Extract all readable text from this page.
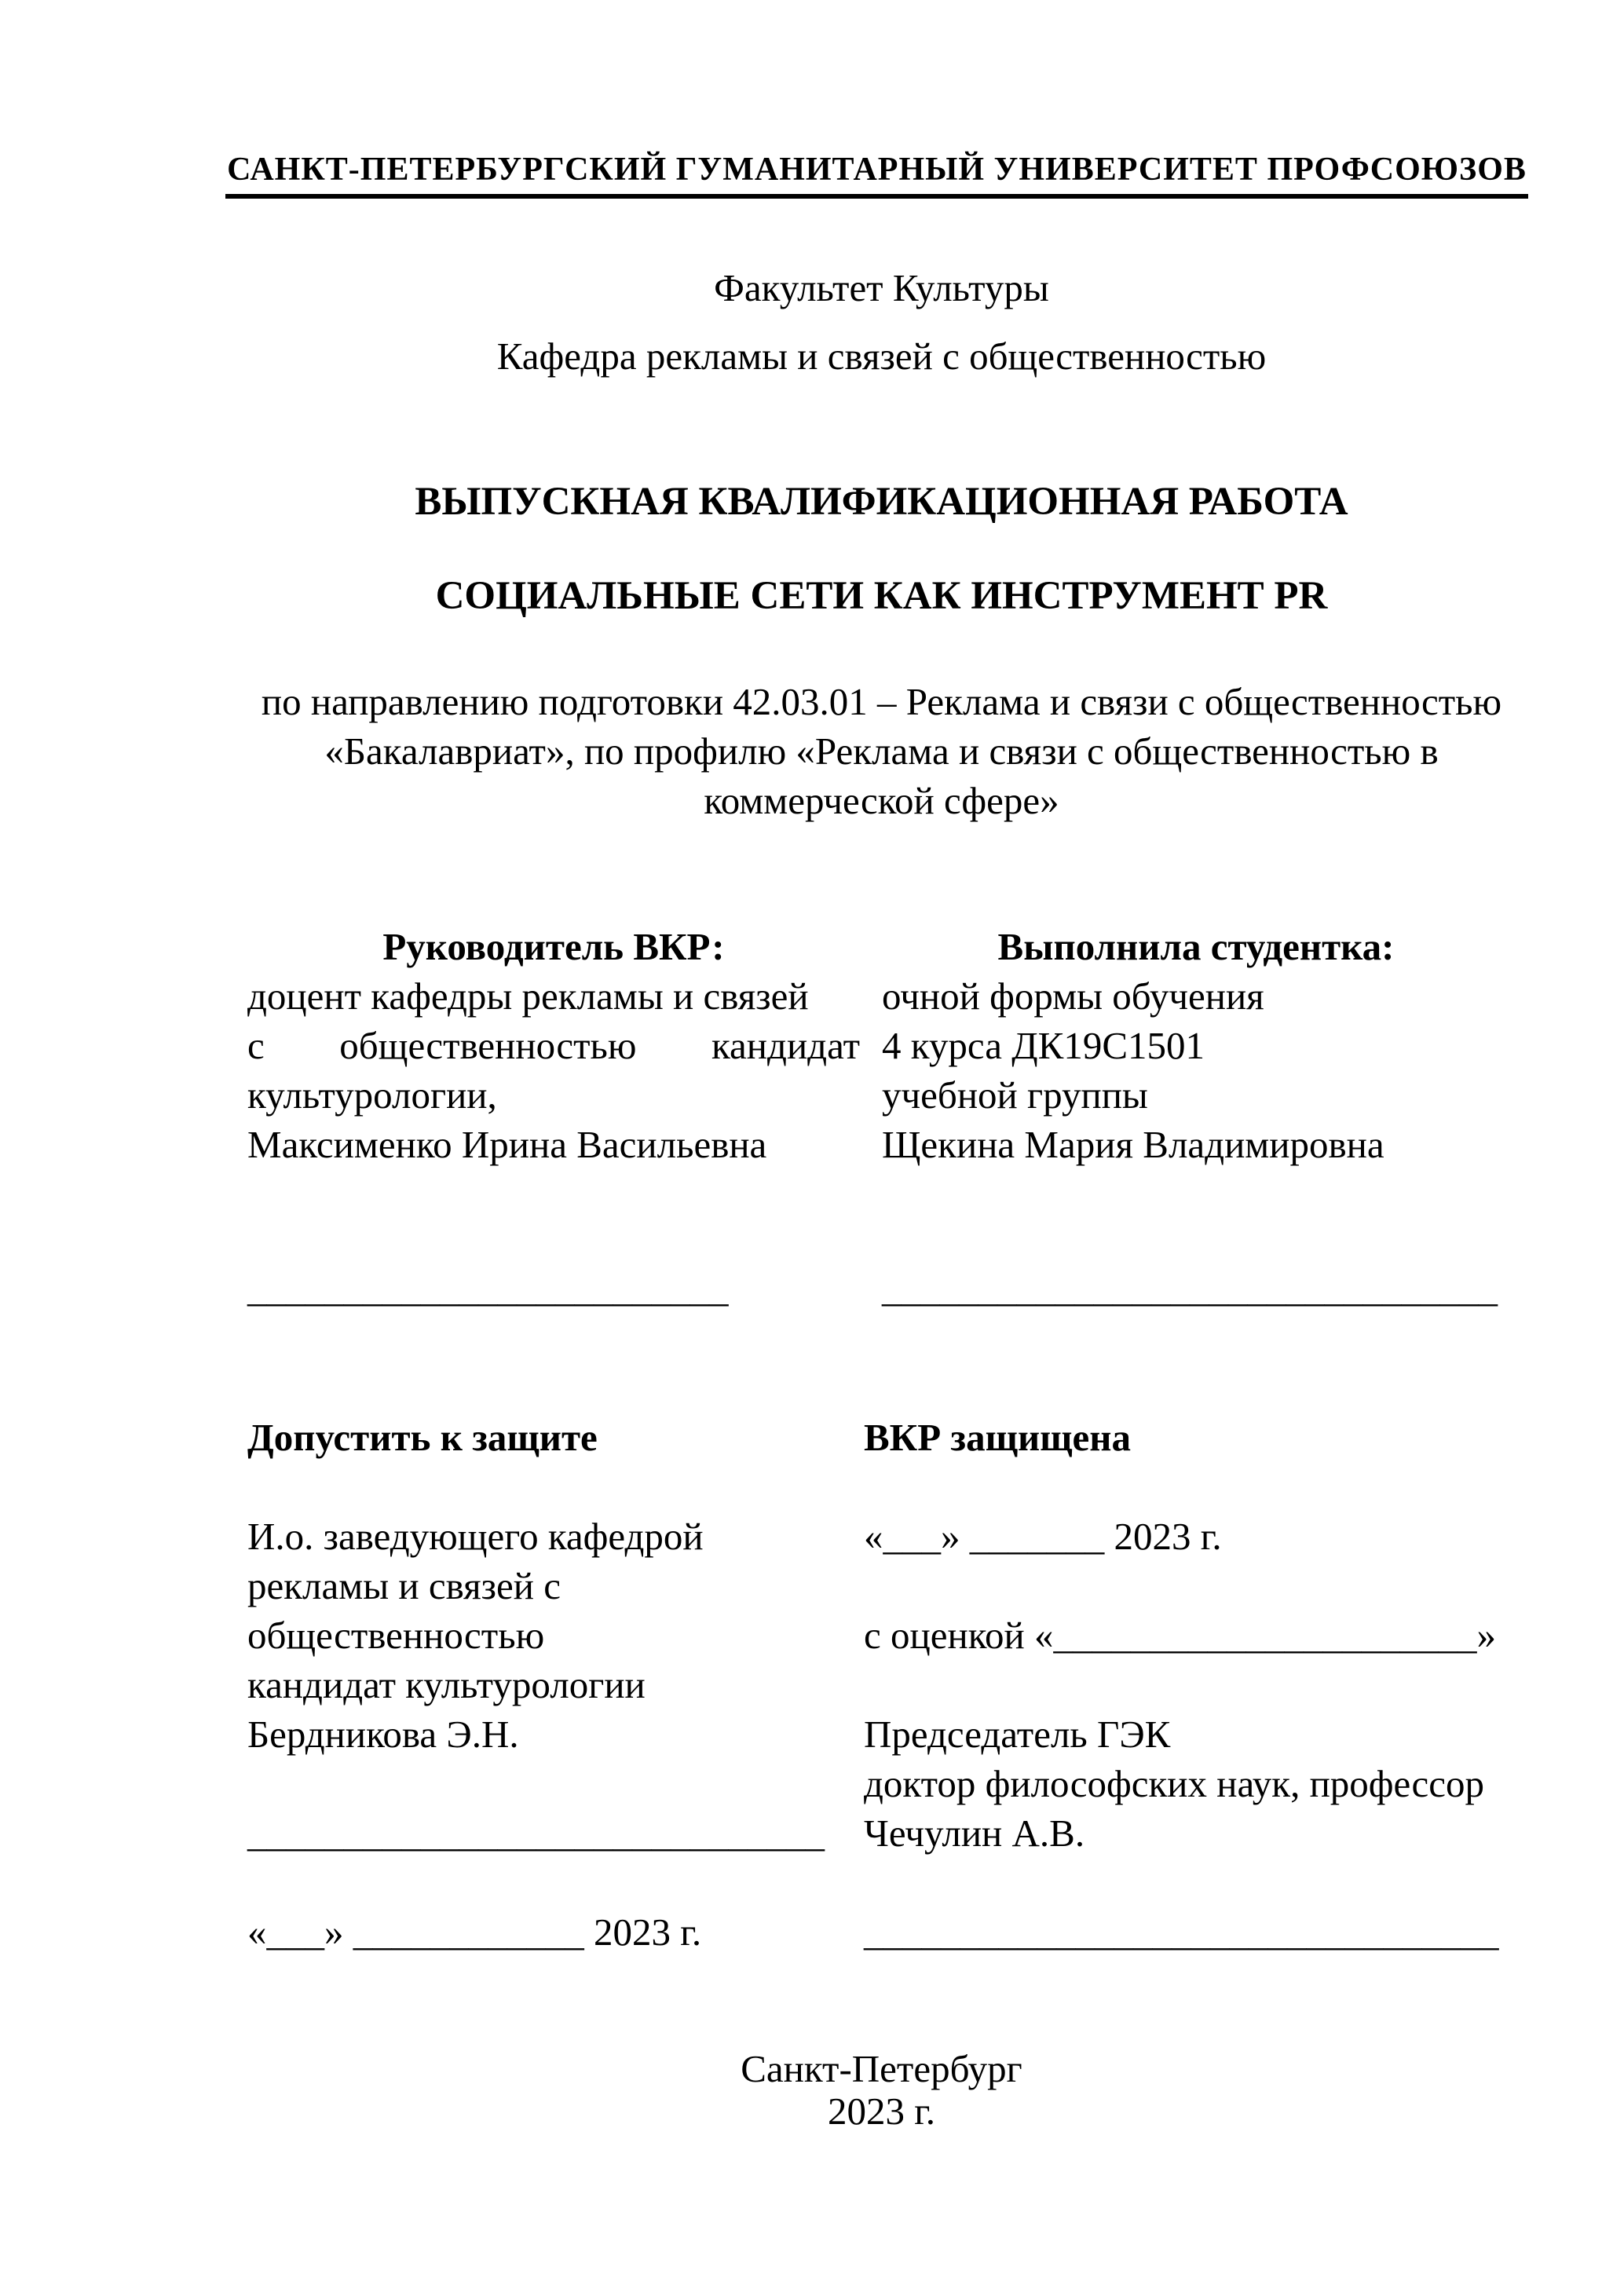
САНКТ-ПЕТЕРБУРГСКИЙ ГУМАНИТАРНЫЙ УНИВЕРСИТЕТ ПРОФСОЮЗОВ
Факультет Культуры
Кафедра рекламы и связей с общественностью
ВЫПУСКНАЯ КВАЛИФИКАЦИОННАЯ РАБОТА
СОЦИАЛЬНЫЕ СЕТИ КАК ИНСТРУМЕНТ PR
по направлению подготовки 42.03.01 – Реклама и связи с общественностью
«Бакалавриат», по профилю «Реклама и связи с общественностью в
коммерческой сфере»
Руководитель ВКР:
доцент кафедры рекламы и связей
с общественностью кандидат
культурологии,
Максименко Ирина Васильевна
Выполнила студентка:
очной формы обучения
4 курса ДК19С1501
учебной группы
Щекина Мария Владимировна
_________________________	________________________________
Допустить к защите
И.о. заведующего кафедрой
рекламы и связей с
общественностью
кандидат культурологии
Бердникова Э.Н.
______________________________
«___» ____________ 2023 г.
ВКР защищена
«___» _______ 2023 г.
с оценкой «______________________»
Председатель ГЭК
доктор философских наук, профессор
Чечулин А.В.
_________________________________
Санкт-Петербург
2023 г.
